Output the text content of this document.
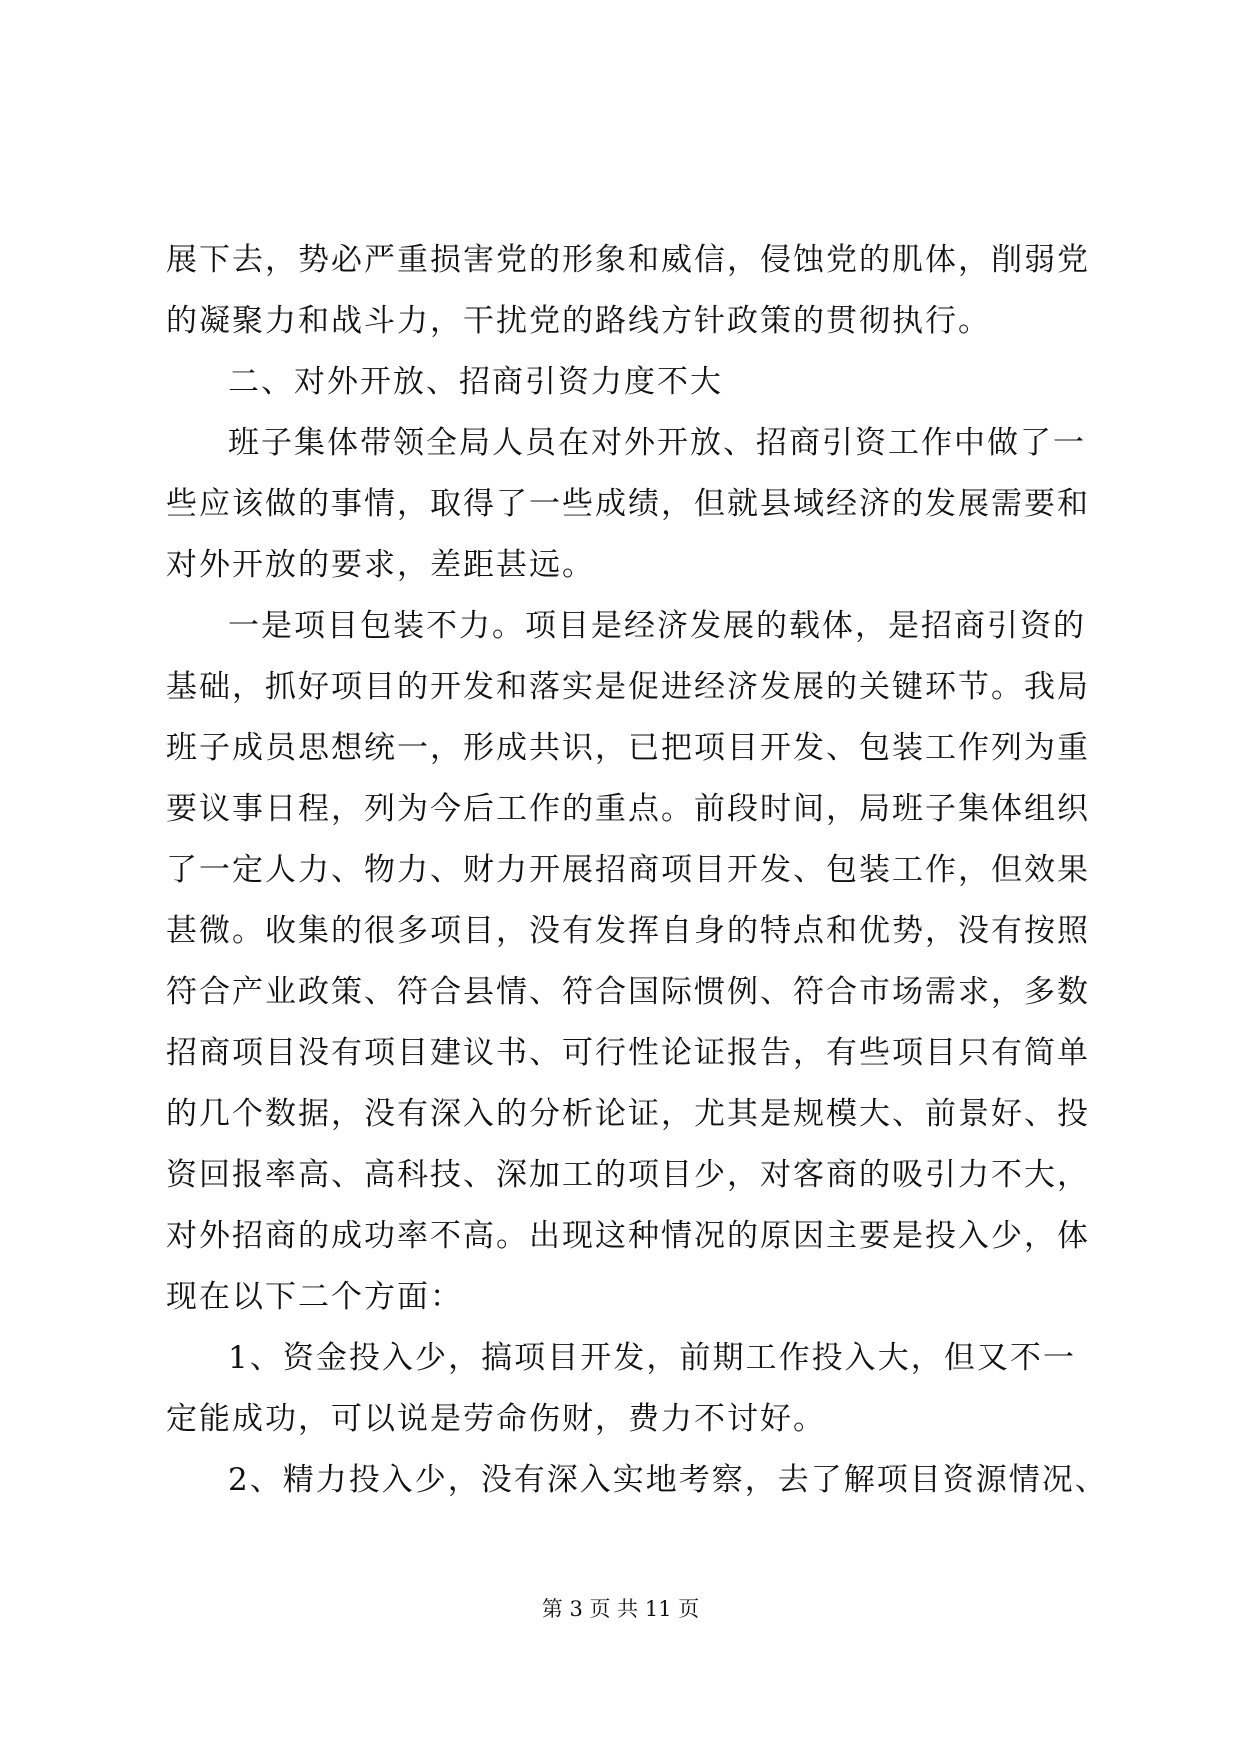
展下去，势必严重损害党的形象和威信，侵蚀党的肌体，削弱党
的凝聚力和战斗力，干扰党的路线方针政策的贯彻执行。
二、对外开放、招商引资力度不大
班子集体带领全局人员在对外开放、招商引资工作中做了一
些应该做的事情，取得了一些成绩，但就县域经济的发展需要和
对外开放的要求，差距甚远。
一是项目包装不力。项目是经济发展的载体，是招商引资的
基础，抓好项目的开发和落实是促进经济发展的关键环节。我局
班子成员思想统一，形成共识，已把项目开发、包装工作列为重
要议事日程，列为今后工作的重点。前段时间，局班子集体组织
了一定人力、物力、财力开展招商项目开发、包装工作，但效果
甚微。收集的很多项目，没有发挥自身的特点和优势，没有按照
符合产业政策、符合县情、符合国际惯例、符合市场需求，多数
招商项目没有项目建议书、可行性论证报告，有些项目只有简单
的几个数据，没有深入的分析论证，尤其是规模大、前景好、投
资回报率高、高科技、深加工的项目少，对客商的吸引力不大，
对外招商的成功率不高。出现这种情况的原因主要是投入少，体
现在以下二个方面：
1、资金投入少，搞项目开发，前期工作投入大，但又不一
定能成功，可以说是劳命伤财，费力不讨好。
2、精力投入少，没有深入实地考察，去了解项目资源情况、
第 3 页 共 11 页
